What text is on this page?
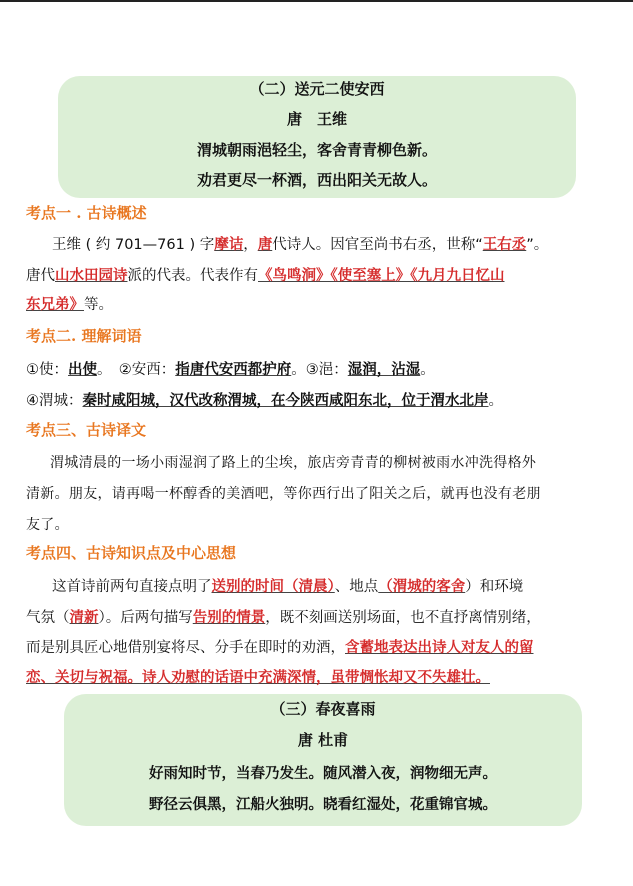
（二）送元二使安西
唐　王维
渭城朝雨浥轻尘，客舍青青柳色新。
劝君更尽一杯酒，西出阳关无故人。
考点一 . 古诗概述
王维 ( 约 701—761 ) 字摩诘，唐代诗人。因官至尚书右丞，世称“王右丞”。
唐代山水田园诗派的代表。代表作有《鸟鸣涧》《使至塞上》《九月九日忆山
东兄弟》等。
考点二. 理解词语
①使：出使。　②安西：指唐代安西都护府。③浥：湿润，沾湿。
④渭城：秦时咸阳城，汉代改称渭城，在今陕西咸阳东北，位于渭水北岸。
考点三、古诗译文
渭城清晨的一场小雨湿润了路上的尘埃，旅店旁青青的柳树被雨水冲洗得格外
清新。朋友，请再喝一杯醇香的美酒吧，等你西行出了阳关之后，就再也没有老朋
友了。
考点四、古诗知识点及中心思想
这首诗前两句直接点明了送别的时间（清晨）、地点（渭城的客舍）和环境
气氛（清新）。后两句描写告别的情景，既不刻画送别场面，也不直抒离情别绪，
而是别具匠心地借别宴将尽、分手在即时的劝酒，含蓄地表达出诗人对友人的留
恋、关切与祝福。诗人劝慰的话语中充满深情，虽带惆怅却又不失雄壮。
（三）春夜喜雨
唐 杜甫
好雨知时节，当春乃发生。随风潜入夜，润物细无声。
野径云俱黑，江船火独明。晓看红湿处，花重锦官城。
